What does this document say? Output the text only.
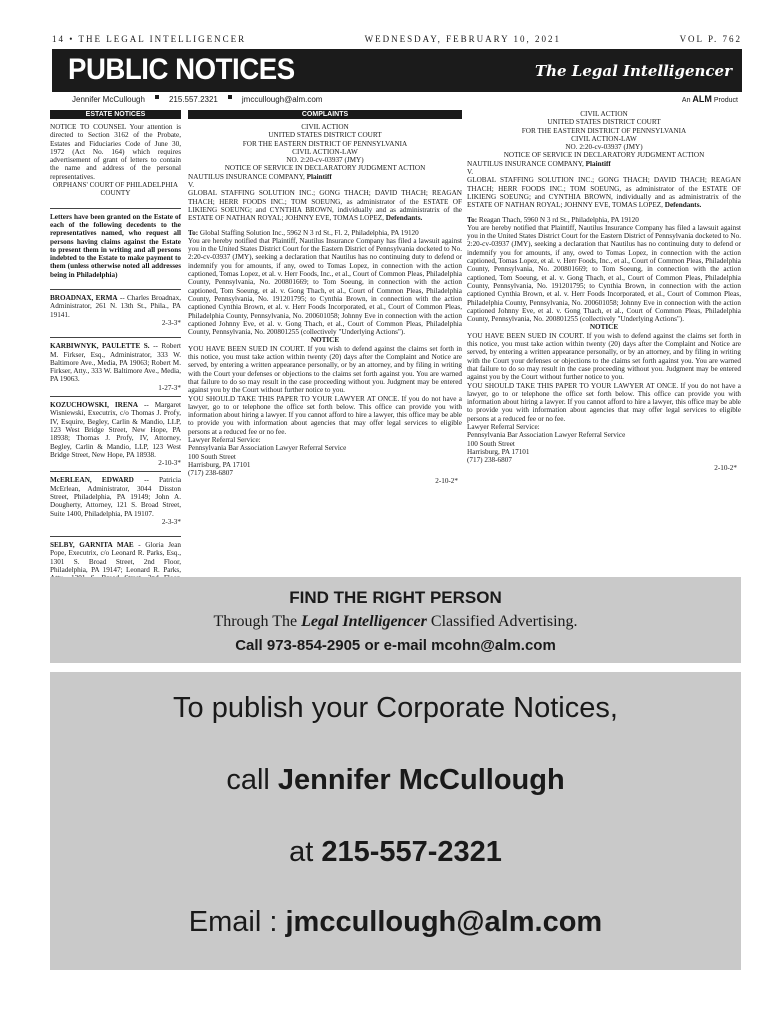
14 • THE LEGAL INTELLIGENCER	WEDNESDAY, FEBRUARY 10, 2021	VOL P. 762
PUBLIC NOTICES	The Legal Intelligencer
Jennifer McCullough	215.557.2321	jmccullough@alm.com	An ALM Product
ESTATE NOTICES
NOTICE TO COUNSEL Your attention is directed to Section 3162 of the Probate, Estates and Fiduciaries Code of June 30, 1972 (Act No. 164) which requires advertisement of grant of letters to contain the name and address of the personal representatives.
ORPHANS' COURT OF PHILADELPHIA COUNTY
Letters have been granted on the Estate of each of the following decedents to the representatives named, who request all persons having claims against the Estate to present them in writing and all persons indebted to the Estate to make payment to them (unless otherwise noted all addresses being in Philadelphia)
BROADNAX, ERMA -- Charles Broadnax, Administrator, 261 N. 13th St., Phila., PA 19141.
2-3-3*
KARBIWNYK, PAULETTE S. -- Robert M. Firkser, Esq., Administrator, 333 W. Baltimore Ave., Media, PA 19063; Robert M. Firkser, Atty., 333 W. Baltimore Ave., Media, PA 19063.
1-27-3*
KOZUCHOWSKI, IRENA -- Margaret Wisniewski, Executrix, c/o Thomas J. Profy, IV, Esquire, Begley, Carlin & Mandio, LLP, 123 West Bridge Street, New Hope, PA 18938; Thomas J. Profy, IV, Attorney, Begley, Carlin & Mandio, LLP, 123 West Bridge Street, New Hope, PA 18938.
2-10-3*
McERLEAN, EDWARD -- Patricia McErlean, Administrator, 3044 Disston Street, Philadelphia, PA 19149; John A. Dougherty, Attorney, 121 S. Broad Street, Suite 1400, Philadelphia, PA 19107.
2-3-3*
SELBY, GARNITA MAE - Gloria Jean Pope, Executrix, c/o Leonard R. Parks, Esq., 1301 S. Broad Street, 2nd Floor, Philadelphia, PA 19147; Leonard R. Parks,
COMPLAINTS
CIVIL ACTION
UNITED STATES DISTRICT COURT
FOR THE EASTERN DISTRICT OF PENNSYLVANIA
CIVIL ACTION-LAW
NO. 2:20-cv-03937 (JMY)
NOTICE OF SERVICE IN DECLARATORY JUDGMENT ACTION
NAUTILUS INSURANCE COMPANY, Plaintiff
V.
GLOBAL STAFFING SOLUTION INC.; GONG THACH; DAVID THACH; REAGAN THACH; HERR FOODS INC.; TOM SOEUNG, as administrator of the ESTATE OF LIKIENG SOEUNG; and CYNTHIA BROWN, individually and as administratrix of the ESTATE OF NATHAN ROYAL; JOHNNY EVE, TOMAS LOPEZ, Defendants.
To: Global Staffing Solution Inc., 5962 N 3 rd St., Fl. 2, Philadelphia, PA 19120
You are hereby notified that Plaintiff, Nautilus Insurance Company has filed a lawsuit against you in the United States District Court for the Eastern District of Pennsylvania docketed to No. 2:20-cv-03937 (JMY), seeking a declaration that Nautilus has no continuing duty to defend or indemnify you for amounts, if any, owed to Tomas Lopez, in connection with the action captioned, Tomas Lopez, et al. v. Herr Foods, Inc., et al., Court of Common Pleas, Philadelphia County, Pennsylvania, No. 200801669; to Tom Soeung, in connection with the action captioned, Tom Soeung, et al. v. Gong Thach, et al., Court of Common Pleas, Philadelphia County, Pennsylvania, No. 191201795; to Cynthia Brown, in connection with the action captioned Cynthia Brown, et al. v. Herr Foods Incorporated, et al., Court of Common Pleas, Philadelphia County, Pennsylvania, No. 200601058; Johnny Eve in connection with the action captioned Johnny Eve, et al. v. Gong Thach, et al., Court of Common Pleas, Philadelphia County, Pennsylvania, No. 200801255 (collectively "Underlying Actions").
NOTICE
YOU HAVE BEEN SUED IN COURT. If you wish to defend against the claims set forth in this notice, you must take action within twenty (20) days after the Complaint and Notice are served, by entering a written appearance personally, or by an attorney, and by filing in writing with the Court your defenses or objections to the claims set forth against you. You are warned that failure to do so may result in the case proceeding without you. Judgment may be entered against you by the Court without further notice to you.
YOU SHOULD TAKE THIS PAPER TO YOUR LAWYER AT ONCE. If you do not have a lawyer, go to or telephone the office set forth below. This office can provide you with information about hiring a lawyer. If you cannot afford to hire a lawyer, this office may be able to provide you with information about agencies that may offer legal services to eligible persons at a reduced fee or no fee.
Lawyer Referral Service:
Pennsylvania Bar Association Lawyer Referral Service
100 South Street
Harrisburg, PA 17101
(717) 238-6807
2-10-2*
CIVIL ACTION
UNITED STATES DISTRICT COURT
FOR THE EASTERN DISTRICT OF PENNSYLVANIA
CIVIL ACTION-LAW
NO. 2:20-cv-03937 (JMY)
NOTICE OF SERVICE IN DECLARATORY JUDGMENT ACTION
NAUTILUS INSURANCE COMPANY, Plaintiff
V.
GLOBAL STAFFING SOLUTION INC.; GONG THACH; DAVID THACH; REAGAN THACH; HERR FOODS INC.; TOM SOEUNG, as administrator of the ESTATE OF LIKIENG SOEUNG; and CYNTHIA BROWN, individually and as administratrix of the ESTATE OF NATHAN ROYAL; JOHNNY EVE, TOMAS LOPEZ, Defendants.
To: Reagan Thach, 5960 N 3 rd St., Philadelphia, PA 19120
You are hereby notified that Plaintiff, Nautilus Insurance Company has filed a lawsuit against you in the United States District Court for the Eastern District of Pennsylvania docketed to No. 2:20-cv-03937 (JMY), seeking a declaration that Nautilus has no continuing duty to defend or indemnify you for amounts, if any, owed to Tomas Lopez, in connection with the action captioned, Tomas Lopez, et al. v. Herr Foods, Inc., et al., Court of Common Pleas, Philadelphia County, Pennsylvania, No. 200801669; to Tom Soeung, in connection with the action captioned, Tom Soeung, et al. v. Gong Thach, et al., Court of Common Pleas, Philadelphia County, Pennsylvania, No. 191201795; to Cynthia Brown, in connection with the action captioned Cynthia Brown, et al. v. Herr Foods Incorporated, et al., Court of Common Pleas, Philadelphia County, Pennsylvania, No. 200601058; Johnny Eve in connection with the action captioned Johnny Eve, et al. v. Gong Thach, et al., Court of Common Pleas, Philadelphia County, Pennsylvania, No. 200801255 (collectively "Underlying Actions").
NOTICE
YOU HAVE BEEN SUED IN COURT. If you wish to defend against the claims set forth in this notice, you must take action within twenty (20) days after the Complaint and Notice are served, by entering a written appearance personally, or by an attorney, and by filing in writing with the Court your defenses or objections to the claims set forth against you. You are warned that failure to do so may result in the case proceeding without you. Judgment may be entered against you by the Court without further notice to you.
YOU SHOULD TAKE THIS PAPER TO YOUR LAWYER AT ONCE. If you do not have a lawyer, go to or telephone the office set forth below. This office can provide you with information about hiring a lawyer. If you cannot afford to hire a lawyer, this office may be able to provide you with information about agencies that may offer legal services to eligible persons at a reduced fee or no fee.
Lawyer Referral Service:
Pennsylvania Bar Association Lawyer Referral Service
100 South Street
Harrisburg, PA 17101
(717) 238-6807
2-10-2*
FIND THE RIGHT PERSON
Through The Legal Intelligencer Classified Advertising.
Call 973-854-2905 or e-mail mcohn@alm.com
To publish your Corporate Notices,
call Jennifer McCullough
at 215-557-2321
Email : jmccullough@alm.com
